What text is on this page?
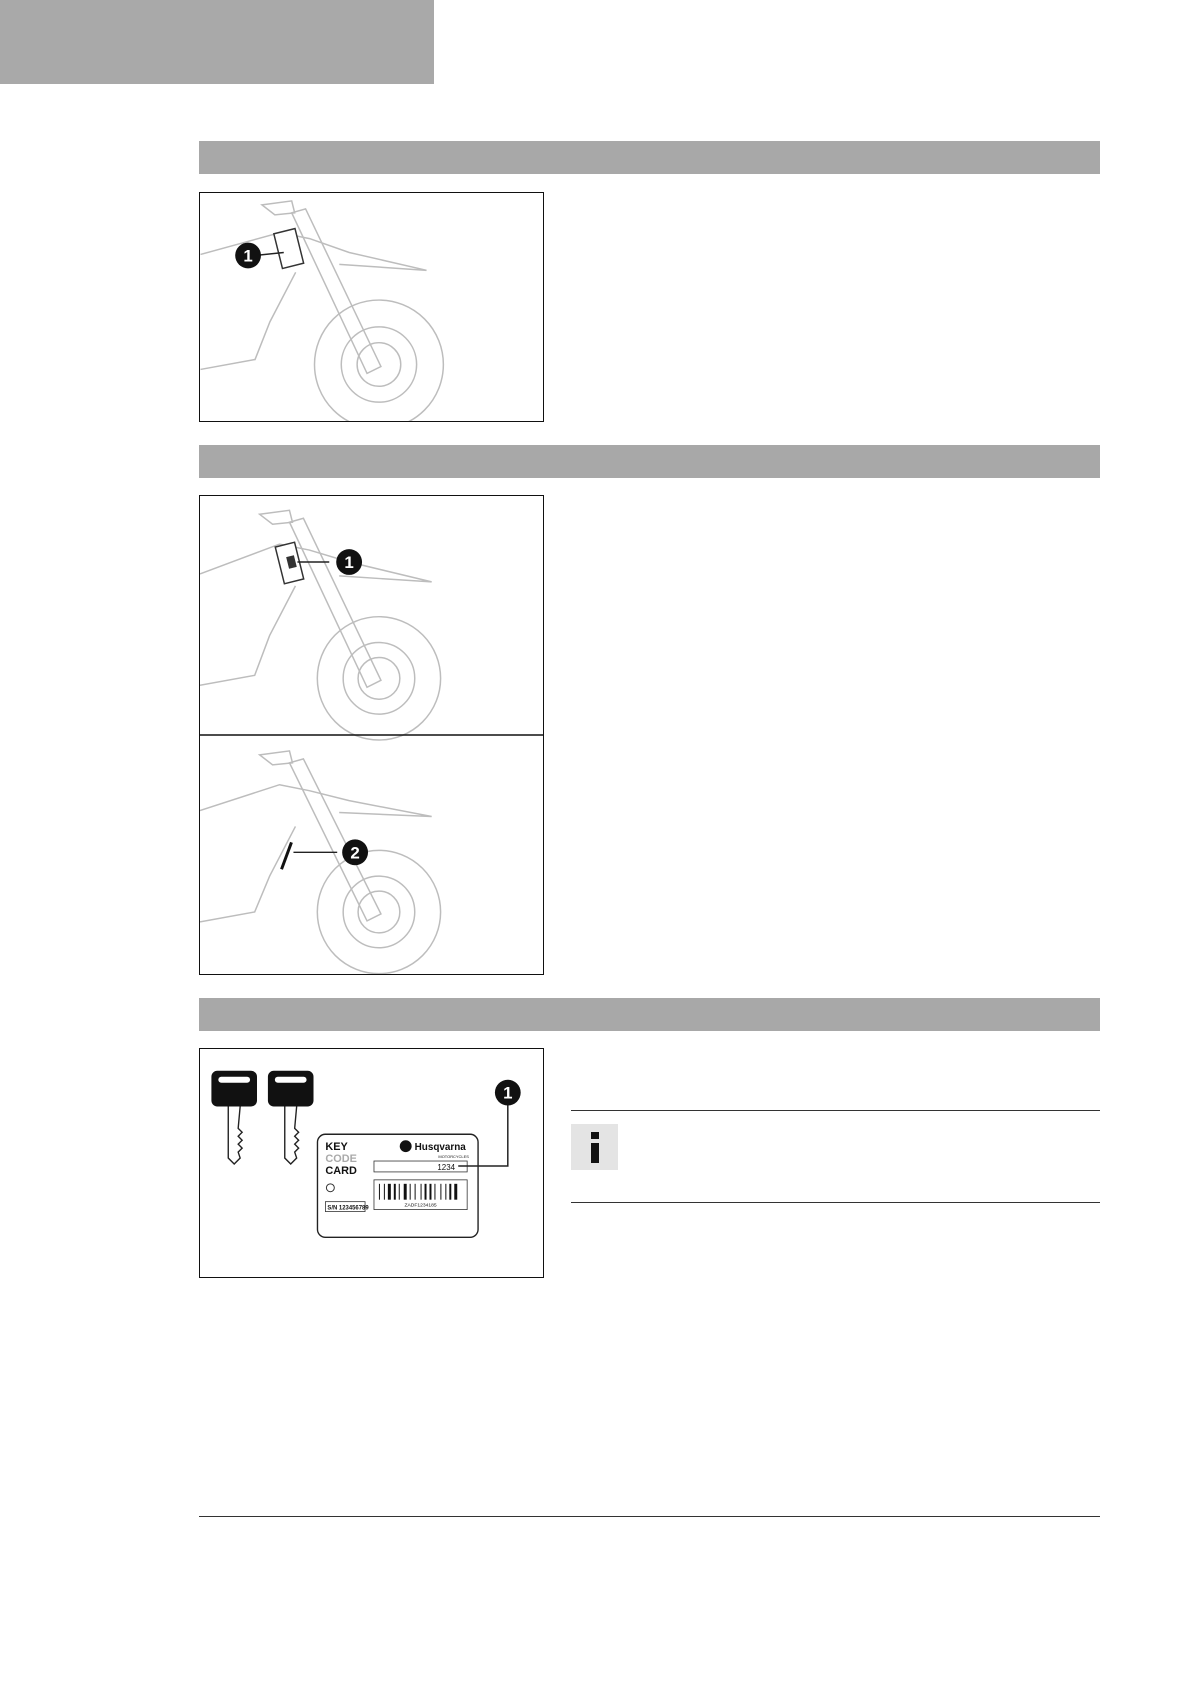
1
1
2
KEY
CODE
CARD
S/N 123456789
Husqvarna
MOTORCYCLES
1234
ZADF1234185
1
